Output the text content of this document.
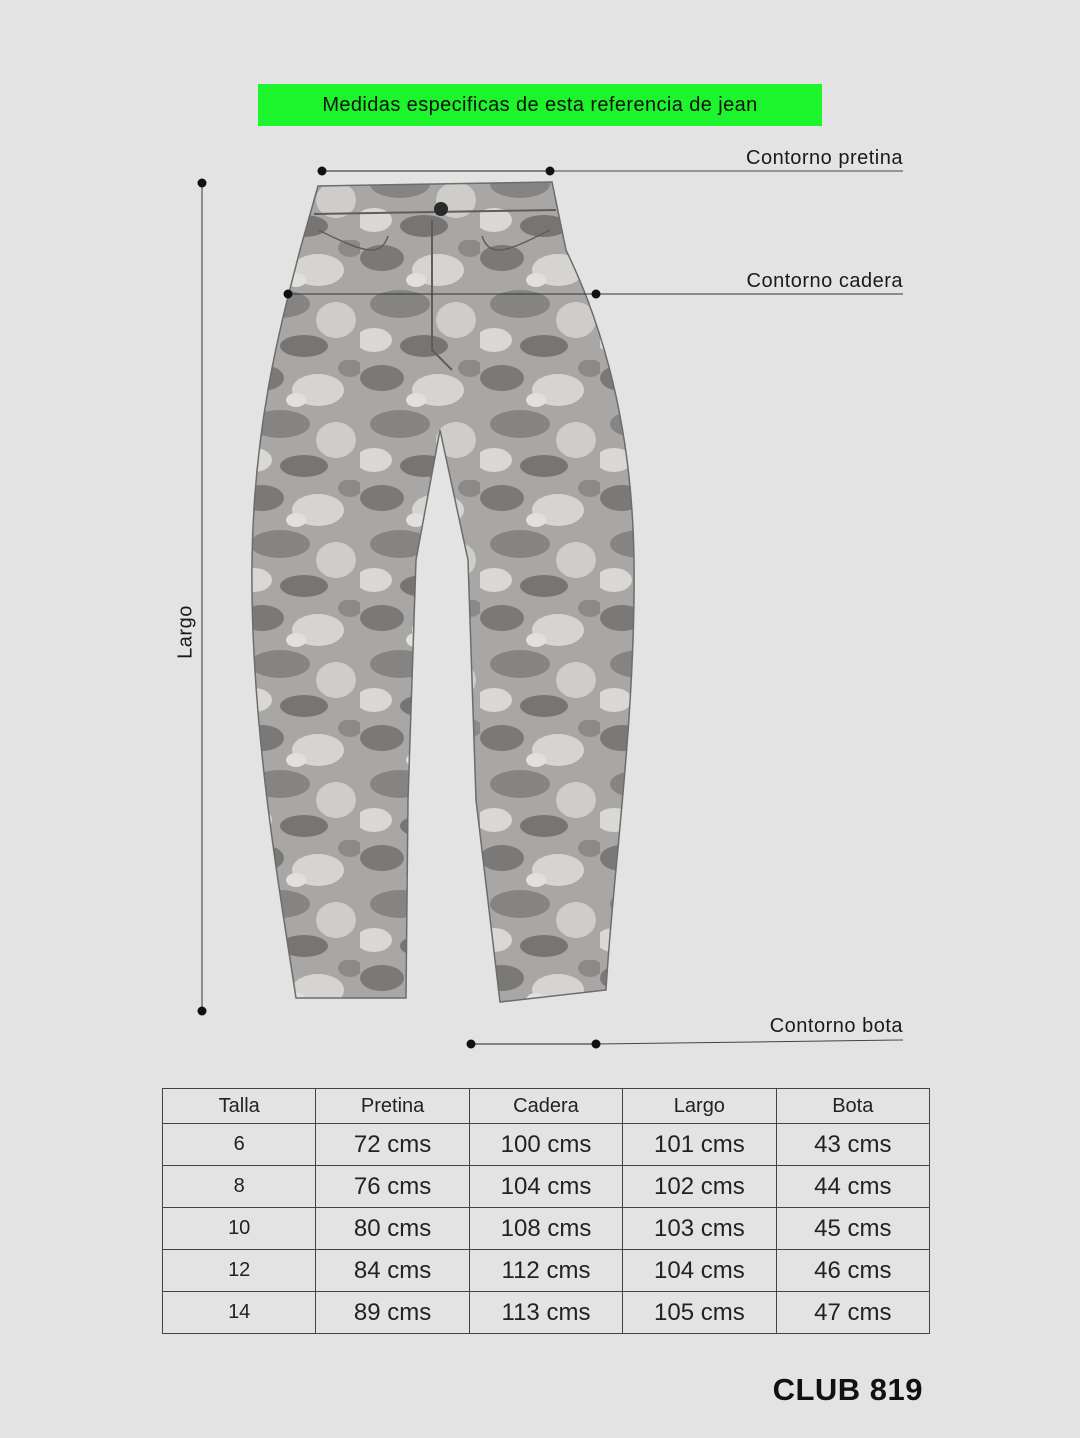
Medidas especificas de esta referencia de jean
Contorno pretina
Contorno cadera
Largo
Contorno bota
Talla	Pretina	Cadera	Largo	Bota
6	72 cms	100 cms	101 cms	43 cms
8	76 cms	104 cms	102 cms	44 cms
10	80 cms	108 cms	103 cms	45 cms
12	84 cms	112 cms	104 cms	46 cms
14	89 cms	113 cms	105 cms	47 cms
CLUB 819
